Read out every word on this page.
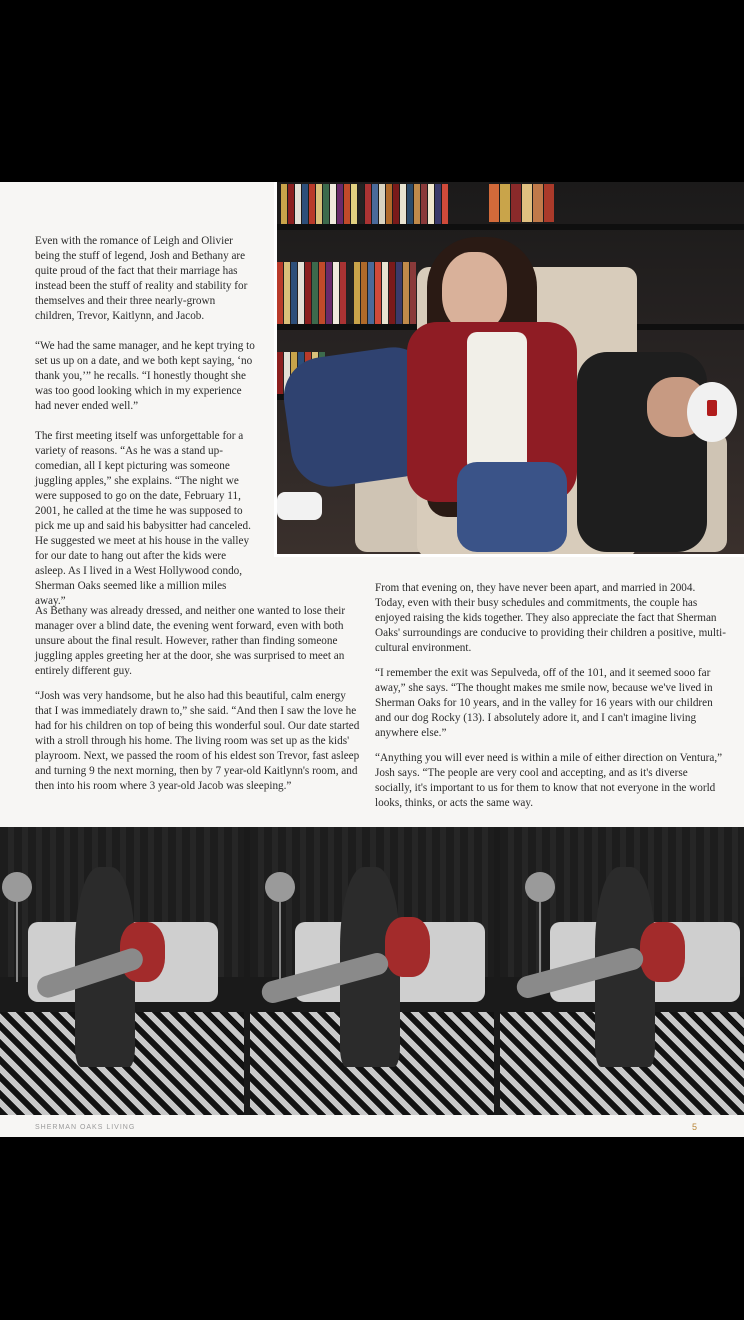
Even with the romance of Leigh and Olivier being the stuff of legend, Josh and Bethany are quite proud of the fact that their marriage has instead been the stuff of reality and stability for themselves and their three nearly-grown children, Trevor, Kaitlynn, and Jacob.

“We had the same manager, and he kept trying to set us up on a date, and we both kept saying, ‘no thank you,’” he recalls. “I honestly thought she was too good looking which in my experience had never ended well.”

The first meeting itself was unforgettable for a variety of reasons. “As he was a stand up-comedian, all I kept picturing was someone juggling apples,” she explains. “The night we were supposed to go on the date, February 11, 2001, he called at the time he was supposed to pick me up and said his babysitter had canceled. He suggested we meet at his house in the valley for our date to hang out after the kids were asleep. As I lived in a West Hollywood condo, Sherman Oaks seemed like a million miles away.”

As Bethany was already dressed, and neither one wanted to lose their manager over a blind date, the evening went forward, even with both unsure about the final result. However, rather than finding someone juggling apples greeting her at the door, she was surprised to meet an entirely different guy.

“Josh was very handsome, but he also had this beautiful, calm energy that I was immediately drawn to,” she said. “And then I saw the love he had for his children on top of being this wonderful soul. Our date started with a stroll through his home. The living room was set up as the kids' playroom. Next, we passed the room of his eldest son Trevor, fast asleep and turning 9 the next morning, then by 7 year-old Kaitlynn's room, and then into his room where 3 year-old Jacob was sleeping.”

From that evening on, they have never been apart, and married in 2004. Today, even with their busy schedules and commitments, the couple has enjoyed raising the kids together. They also appreciate the fact that Sherman Oaks' surroundings are conducive to providing their children a positive, multi-cultural environment.

“I remember the exit was Sepulveda, off of the 101, and it seemed sooo far away,” she says. “The thought makes me smile now, because we've lived in Sherman Oaks for 10 years, and in the valley for 16 years with our children and our dog Rocky (13). I absolutely adore it, and I can't imagine living anywhere else.”

“Anything you will ever need is within a mile of either direction on Ventura,” Josh says. “The people are very cool and accepting, and as it's diverse socially, it's important to us for them to know that not everyone in the world looks, thinks, or acts the same way.

SHERMAN OAKS LIVING	5
